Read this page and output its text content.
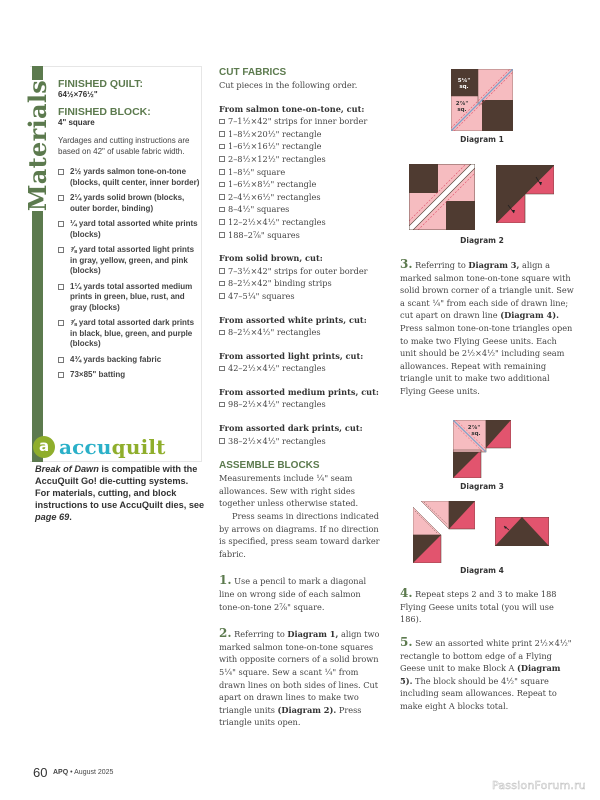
Materials FINISHED QUILT:
64½×76½"
FINISHED BLOCK:
4" square
Yardages and cutting instructions are based on 42" of usable fabric width.
2½ yards salmon tone-on-tone (blocks, quilt center, inner border)
2¼ yards solid brown (blocks, outer border, binding)
¼ yard total assorted white prints (blocks)
⅞ yard total assorted light prints in gray, yellow, green, and pink (blocks)
1¼ yards total assorted medium prints in green, blue, rust, and gray (blocks)
⅞ yard total assorted dark prints in black, blue, green, and purple (blocks)
4¾ yards backing fabric
73×85" batting
a accuquilt
Break of Dawn is compatible with the AccuQuilt Go! die-cutting systems. For materials, cutting, and block instructions to use AccuQuilt dies, see page 69.
CUT FABRICS
Cut pieces in the following order.
From salmon tone-on-tone, cut:
7–1½×42" strips for inner border
1–8½×20½" rectangle
1–6½×16½" rectangle
2–8½×12½" rectangles
1–8½" square
1–6½×8½" rectangle
2–4½×6½" rectangles
8–4½" squares
12–2½×4½" rectangles
188–2⅞" squares
From solid brown, cut:
7–3½×42" strips for outer border
8–2½×42" binding strips
47–5¼" squares
From assorted white prints, cut:
8–2½×4½" rectangles
From assorted light prints, cut:
42–2½×4½" rectangles
From assorted medium prints, cut:
98–2½×4½" rectangles
From assorted dark prints, cut:
38–2½×4½" rectangles
ASSEMBLE BLOCKS
Measurements include ¼" seam allowances. Sew with right sides together unless otherwise stated.
Press seams in directions indicated by arrows on diagrams. If no direction is specified, press seam toward darker fabric.
1. Use a pencil to mark a diagonal line on wrong side of each salmon tone-on-tone 2⅞" square.
2. Referring to Diagram 1, align two marked salmon tone-on-tone squares with opposite corners of a solid brown 5¼" square. Sew a scant ¼" from drawn lines on both sides of lines. Cut apart on drawn lines to make two triangle units (Diagram 2). Press triangle units open.
5¼"
sq.
2⅞"
sq.
Diagram 1
Diagram 2
3. Referring to Diagram 3, align a marked salmon tone-on-tone square with solid brown corner of a triangle unit. Sew a scant ¼" from each side of drawn line; cut apart on drawn line (Diagram 4). Press salmon tone-on-tone triangles open to make two Flying Geese units. Each unit should be 2½×4½" including seam allowances. Repeat with remaining triangle unit to make two additional Flying Geese units.
2⅞"
sq.
Diagram 3
Diagram 4
4. Repeat steps 2 and 3 to make 188 Flying Geese units total (you will use 186).
5. Sew an assorted white print 2½×4½" rectangle to bottom edge of a Flying Geese unit to make Block A (Diagram 5). The block should be 4½" square including seam allowances. Repeat to make eight A blocks total.
60 APQ • August 2025
PassionForum.ru
